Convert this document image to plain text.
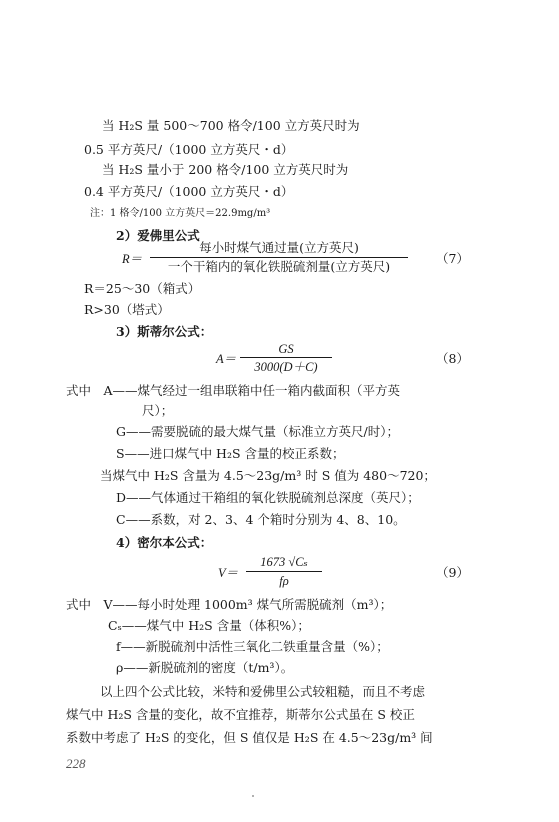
当 H₂S 量 500～700 格令/100 立方英尺时为
0.5 平方英尺/（1000 立方英尺・d）
当 H₂S 量小于 200 格令/100 立方英尺时为
0.4 平方英尺/（1000 立方英尺・d）
注：1 格令/100 立方英尺＝22.9mg/m³
2）爱佛里公式
R＝
每小时煤气通过量(立方英尺)
一个干箱内的氧化铁脱硫剂量(立方英尺)
（7）
R＝25～30（箱式）
R>30（塔式）
3）斯蒂尔公式：
A＝
GS
3000(D＋C)
（8）
式中　A——煤气经过一组串联箱中任一箱内截面积（平方英
尺）；
G——需要脱硫的最大煤气量（标准立方英尺/时）；
S——进口煤气中 H₂S 含量的校正系数；
当煤气中 H₂S 含量为 4.5～23g/m³ 时 S 值为 480～720；
D——气体通过干箱组的氧化铁脱硫剂总深度（英尺）；
C——系数，对 2、3、4 个箱时分别为 4、8、10。
4）密尔本公式：
V＝
1673 √Cₛ
fρ
（9）
式中　V——每小时处理 1000m³ 煤气所需脱硫剂（m³）；
Cₛ——煤气中 H₂S 含量（体积%）；
f——新脱硫剂中活性三氧化二铁重量含量（%）；
ρ——新脱硫剂的密度（t/m³）。
以上四个公式比较，米特和爱佛里公式较粗糙，而且不考虑
煤气中 H₂S 含量的变化，故不宜推荐，斯蒂尔公式虽在 S 校正
系数中考虑了 H₂S 的变化，但 S 值仅是 H₂S 在 4.5～23g/m³ 间
228
